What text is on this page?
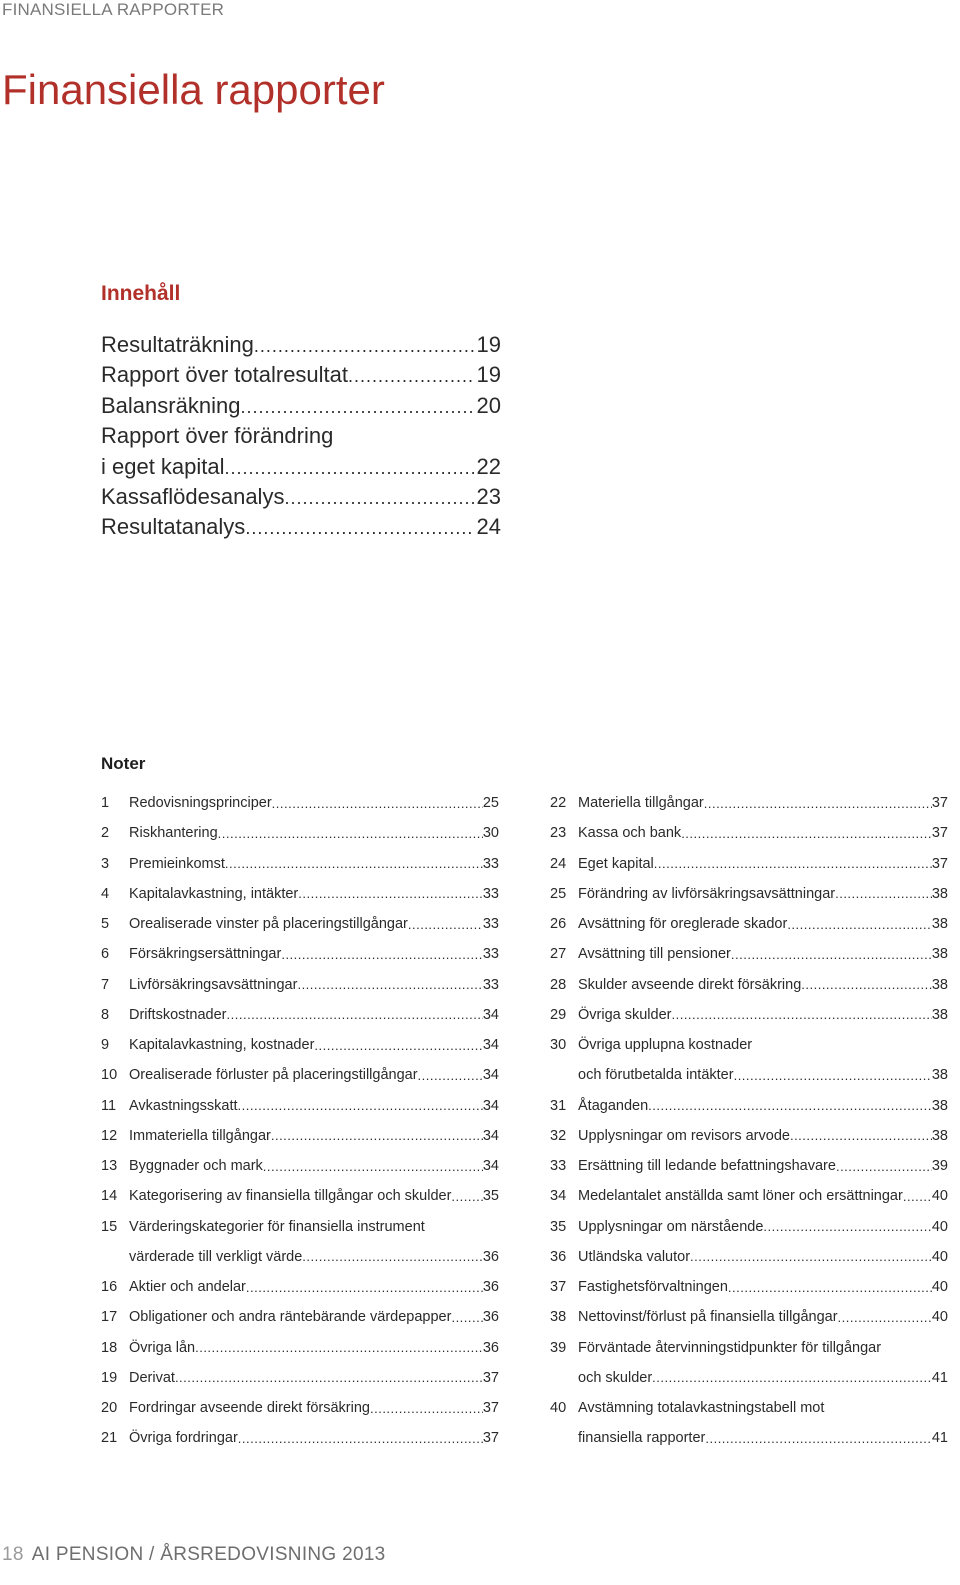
FINANSIELLA RAPPORTER
Finansiella rapporter
Innehåll
Resultaträkning .....	19
Rapport över totalresultat .....	19
Balansräkning .....	20
Rapport över förändring
i eget kapital .....	22
Kassaflödesanalys .....	23
Resultatanalys .....	24
Noter
1	Redovisningsprinciper .....	25
2	Riskhantering .....	30
3	Premieinkomst .....	33
4	Kapitalavkastning, intäkter .....	33
5	Orealiserade vinster på placeringstillgångar .....	33
6	Försäkringsersättningar .....	33
7	Livförsäkringsavsättningar .....	33
8	Driftskostnader .....	34
9	Kapitalavkastning, kostnader .....	34
10 Orealiserade förluster på placeringstillgångar .....	34
11 Avkastningsskatt .....	34
12 Immateriella tillgångar .....	34
13 Byggnader och mark .....	34
14 Kategorisering av finansiella tillgångar och skulder ..... 35
15 Värderingskategorier för finansiella instrument
värderade till verkligt värde .....	36
16 Aktier och andelar .....	36
17 Obligationer och andra räntebärande värdepapper ..... 36
18 Övriga lån .....	36
19 Derivat .....	37
20 Fordringar avseende direkt försäkring .....	37
21 Övriga fordringar .....	37
22 Materiella tillgångar .....	37
23 Kassa och bank .....	37
24 Eget kapital .....	37
25 Förändring av livförsäkringsavsättningar .....	38
26 Avsättning för oreglerade skador .....	38
27 Avsättning till pensioner .....	38
28 Skulder avseende direkt försäkring .....	38
29 Övriga skulder .....	38
30 Övriga upplupna kostnader
och förutbetalda intäkter .....	38
31 Åtaganden .....	38
32 Upplysningar om revisors arvode .....	38
33 Ersättning till ledande befattningshavare .....	39
34 Medelantalet anställda samt löner och ersättningar ..... 40
35 Upplysningar om närstående .....	40
36 Utländska valutor .....	40
37 Fastighetsförvaltningen .....	40
38 Nettovinst/förlust på finansiella tillgångar .....	40
39 Förväntade återvinningstidpunkter för tillgångar
och skulder .....	41
40 Avstämning totalavkastningstabell mot
finansiella rapporter .....	41
18 AI PENSION / ÅRSREDOVISNING 2013
